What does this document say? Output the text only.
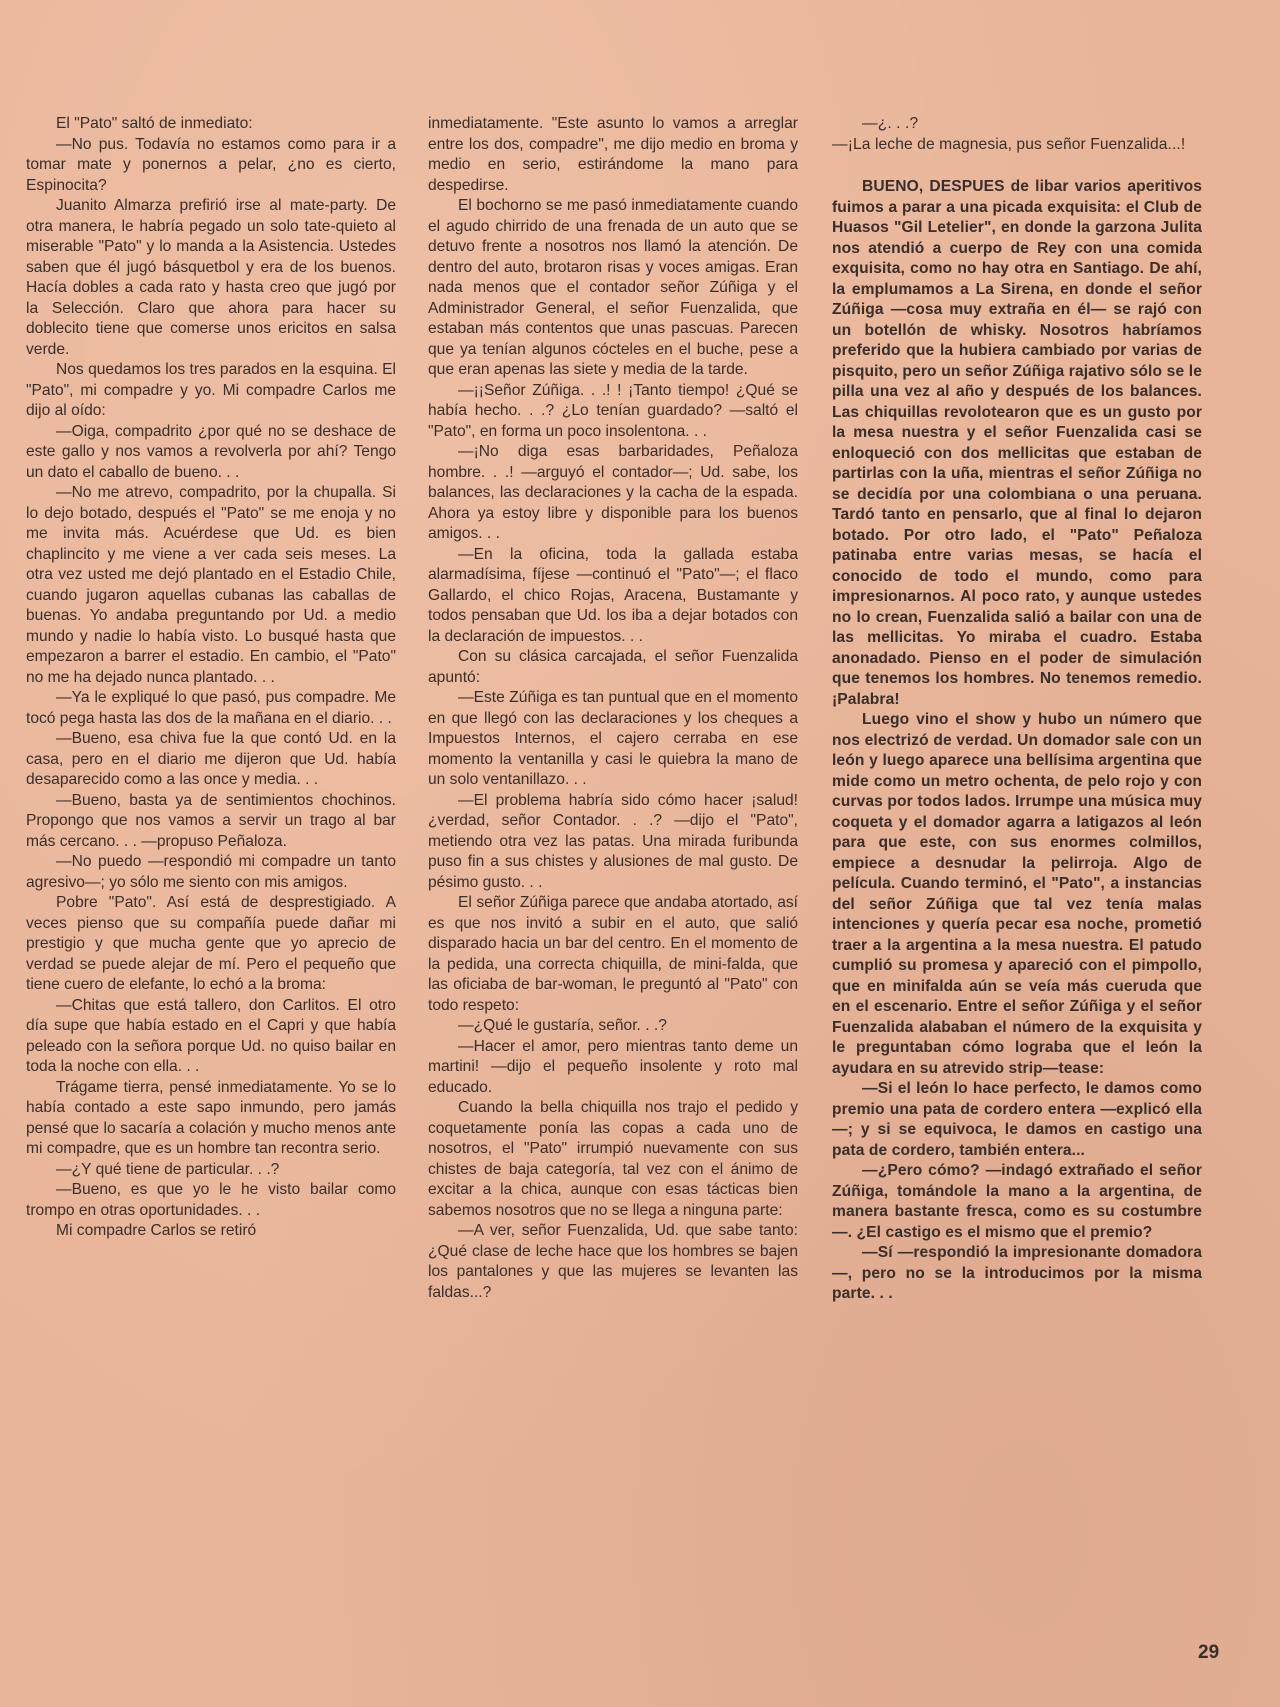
El "Pato" saltó de inmediato:

—No pus. Todavía no estamos como para ir a tomar mate y ponernos a pelar, ¿no es cierto, Espinocita?

Juanito Almarza prefirió irse al mate-party. De otra manera, le habría pegado un solo tate-quieto al miserable "Pato" y lo manda a la Asistencia. Ustedes saben que él jugó básquetbol y era de los buenos. Hacía dobles a cada rato y hasta creo que jugó por la Selección. Claro que ahora para hacer su doblecito tiene que comerse unos ericitos en salsa verde.

Nos quedamos los tres parados en la esquina. El "Pato", mi compadre y yo. Mi compadre Carlos me dijo al oído:

—Oiga, compadrito ¿por qué no se deshace de este gallo y nos vamos a revolverla por ahí? Tengo un dato el caballo de bueno. . .

—No me atrevo, compadrito, por la chupalla. Si lo dejo botado, después el "Pato" se me enoja y no me invita más. Acuérdese que Ud. es bien chaplincito y me viene a ver cada seis meses. La otra vez usted me dejó plantado en el Estadio Chile, cuando jugaron aquellas cubanas las caballas de buenas. Yo andaba preguntando por Ud. a medio mundo y nadie lo había visto. Lo busqué hasta que empezaron a barrer el estadio. En cambio, el "Pato" no me ha dejado nunca plantado. . .

—Ya le expliqué lo que pasó, pus compadre. Me tocó pega hasta las dos de la mañana en el diario. . .

—Bueno, esa chiva fue la que contó Ud. en la casa, pero en el diario me dijeron que Ud. había desaparecido como a las once y media. . .

—Bueno, basta ya de sentimientos chochinos. Propongo que nos vamos a servir un trago al bar más cercano. . . —propuso Peñaloza.

—No puedo —respondió mi compadre un tanto agresivo—; yo sólo me siento con mis amigos.

Pobre "Pato". Así está de desprestigiado. A veces pienso que su compañía puede dañar mi prestigio y que mucha gente que yo aprecio de verdad se puede alejar de mí. Pero el pequeño que tiene cuero de elefante, lo echó a la broma:

—Chitas que está tallero, don Carlitos. El otro día supe que había estado en el Capri y que había peleado con la señora porque Ud. no quiso bailar en toda la noche con ella. . .

Trágame tierra, pensé inmediatamente. Yo se lo había contado a este sapo inmundo, pero jamás pensé que lo sacaría a colación y mucho menos ante mi compadre, que es un hombre tan recontra serio.

—¿Y qué tiene de particular. . .?

—Bueno, es que yo le he visto bailar como trompo en otras oportunidades. . .

Mi compadre Carlos se retiró

inmediatamente. "Este asunto lo vamos a arreglar entre los dos, compadre", me dijo medio en broma y medio en serio, estirándome la mano para despedirse.

El bochorno se me pasó inmediatamente cuando el agudo chirrido de una frenada de un auto que se detuvo frente a nosotros nos llamó la atención. De dentro del auto, brotaron risas y voces amigas. Eran nada menos que el contador señor Zúñiga y el Administrador General, el señor Fuenzalida, que estaban más contentos que unas pascuas. Parecen que ya tenían algunos cócteles en el buche, pese a que eran apenas las siete y media de la tarde.

—¡¡Señor Zúñiga. . .! ! ¡Tanto tiempo! ¿Qué se había hecho. . .? ¿Lo tenían guardado? —saltó el "Pato", en forma un poco insolentona. . .

—¡No diga esas barbaridades, Peñaloza hombre. . .! —arguyó el contador—; Ud. sabe, los balances, las declaraciones y la cacha de la espada. Ahora ya estoy libre y disponible para los buenos amigos. . .

—En la oficina, toda la gallada estaba alarmadísima, fíjese —continuó el "Pato"—; el flaco Gallardo, el chico Rojas, Aracena, Bustamante y todos pensaban que Ud. los iba a dejar botados con la declaración de impuestos. . .

Con su clásica carcajada, el señor Fuenzalida apuntó:

—Este Zúñiga es tan puntual que en el momento en que llegó con las declaraciones y los cheques a Impuestos Internos, el cajero cerraba en ese momento la ventanilla y casi le quiebra la mano de un solo ventanillazo. . .

—El problema habría sido cómo hacer ¡salud! ¿verdad, señor Contador. . .? —dijo el "Pato", metiendo otra vez las patas. Una mirada furibunda puso fin a sus chistes y alusiones de mal gusto. De pésimo gusto. . .

El señor Zúñiga parece que andaba atortado, así es que nos invitó a subir en el auto, que salió disparado hacia un bar del centro. En el momento de la pedida, una correcta chiquilla, de mini-falda, que las oficiaba de bar-woman, le preguntó al "Pato" con todo respeto:

—¿Qué le gustaría, señor. . .?

—Hacer el amor, pero mientras tanto deme un martini! —dijo el pequeño insolente y roto mal educado.

Cuando la bella chiquilla nos trajo el pedido y coquetamente ponía las copas a cada uno de nosotros, el "Pato" irrumpió nuevamente con sus chistes de baja categoría, tal vez con el ánimo de excitar a la chica, aunque con esas tácticas bien sabemos nosotros que no se llega a ninguna parte:

—A ver, señor Fuenzalida, Ud. que sabe tanto: ¿Qué clase de leche hace que los hombres se bajen los pantalones y que las mujeres se levanten las faldas...?

—¿. . .?

—¡La leche de magnesia, pus señor Fuenzalida...!

BUENO, DESPUES de libar varios aperitivos fuimos a parar a una picada exquisita: el Club de Huasos "Gil Letelier", en donde la garzona Julita nos atendió a cuerpo de Rey con una comida exquisita, como no hay otra en Santiago. De ahí, la emplumamos a La Sirena, en donde el señor Zúñiga —cosa muy extraña en él— se rajó con un botellón de whisky. Nosotros habríamos preferido que la hubiera cambiado por varias de pisquito, pero un señor Zúñiga rajativo sólo se le pilla una vez al año y después de los balances. Las chiquillas revolotearon que es un gusto por la mesa nuestra y el señor Fuenzalida casi se enloqueció con dos mellicitas que estaban de partirlas con la uña, mientras el señor Zúñiga no se decidía por una colombiana o una peruana. Tardó tanto en pensarlo, que al final lo dejaron botado. Por otro lado, el "Pato" Peñaloza patinaba entre varias mesas, se hacía el conocido de todo el mundo, como para impresionarnos. Al poco rato, y aunque ustedes no lo crean, Fuenzalida salió a bailar con una de las mellicitas. Yo miraba el cuadro. Estaba anonadado. Pienso en el poder de simulación que tenemos los hombres. No tenemos remedio. ¡Palabra!

Luego vino el show y hubo un número que nos electrizó de verdad. Un domador sale con un león y luego aparece una bellísima argentina que mide como un metro ochenta, de pelo rojo y con curvas por todos lados. Irrumpe una música muy coqueta y el domador agarra a latigazos al león para que este, con sus enormes colmillos, empiece a desnudar la pelirroja. Algo de película. Cuando terminó, el "Pato", a instancias del señor Zúñiga que tal vez tenía malas intenciones y quería pecar esa noche, prometió traer a la argentina a la mesa nuestra. El patudo cumplió su promesa y apareció con el pimpollo, que en minifalda aún se veía más cueruda que en el escenario. Entre el señor Zúñiga y el señor Fuenzalida alababan el número de la exquisita y le preguntaban cómo lograba que el león la ayudara en su atrevido strip—tease:

—Si el león lo hace perfecto, le damos como premio una pata de cordero entera —explicó ella—; y si se equivoca, le damos en castigo una pata de cordero, también entera...

—¿Pero cómo? —indagó extrañado el señor Zúñiga, tomándole la mano a la argentina, de manera bastante fresca, como es su costumbre—. ¿El castigo es el mismo que el premio?

—Sí —respondió la impresionante domadora—, pero no se la introducimos por la misma parte. . .

29
